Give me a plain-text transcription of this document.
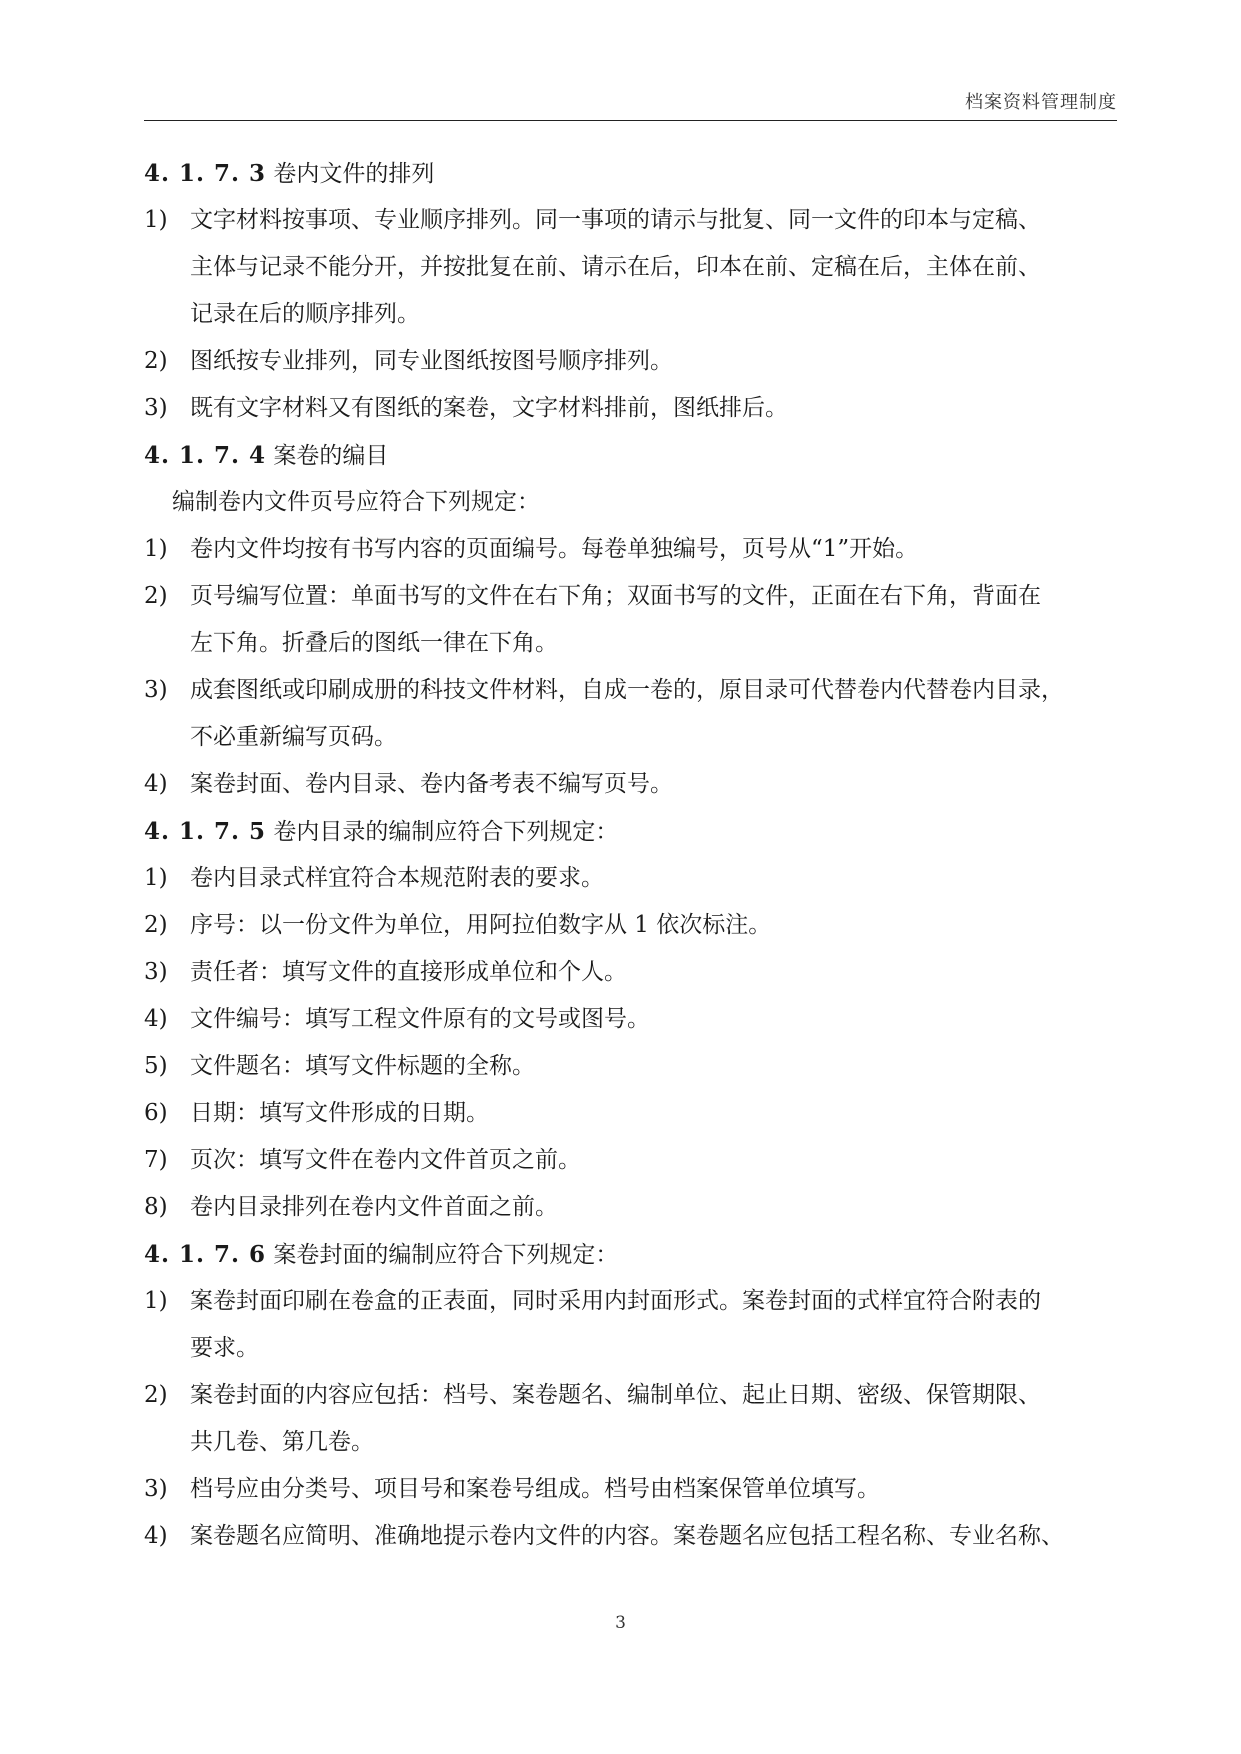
档案资料管理制度
4. 1. 7. 3 卷内文件的排列
1) 文字材料按事项、专业顺序排列。同一事项的请示与批复、同一文件的印本与定稿、
主体与记录不能分开，并按批复在前、请示在后，印本在前、定稿在后，主体在前、
记录在后的顺序排列。
2) 图纸按专业排列，同专业图纸按图号顺序排列。
3) 既有文字材料又有图纸的案卷，文字材料排前，图纸排后。
4. 1. 7. 4 案卷的编目
编制卷内文件页号应符合下列规定：
1) 卷内文件均按有书写内容的页面编号。每卷单独编号，页号从“1”开始。
2) 页号编写位置：单面书写的文件在右下角；双面书写的文件，正面在右下角，背面在
左下角。折叠后的图纸一律在下角。
3) 成套图纸或印刷成册的科技文件材料，自成一卷的，原目录可代替卷内代替卷内目录，
不必重新编写页码。
4) 案卷封面、卷内目录、卷内备考表不编写页号。
4. 1. 7. 5 卷内目录的编制应符合下列规定：
1) 卷内目录式样宜符合本规范附表的要求。
2) 序号：以一份文件为单位，用阿拉伯数字从 1 依次标注。
3) 责任者：填写文件的直接形成单位和个人。
4) 文件编号：填写工程文件原有的文号或图号。
5) 文件题名：填写文件标题的全称。
6) 日期：填写文件形成的日期。
7) 页次：填写文件在卷内文件首页之前。
8) 卷内目录排列在卷内文件首面之前。
4. 1. 7. 6 案卷封面的编制应符合下列规定：
1) 案卷封面印刷在卷盒的正表面，同时采用内封面形式。案卷封面的式样宜符合附表的
要求。
2) 案卷封面的内容应包括：档号、案卷题名、编制单位、起止日期、密级、保管期限、
共几卷、第几卷。
3) 档号应由分类号、项目号和案卷号组成。档号由档案保管单位填写。
4) 案卷题名应简明、准确地提示卷内文件的内容。案卷题名应包括工程名称、专业名称、
3
